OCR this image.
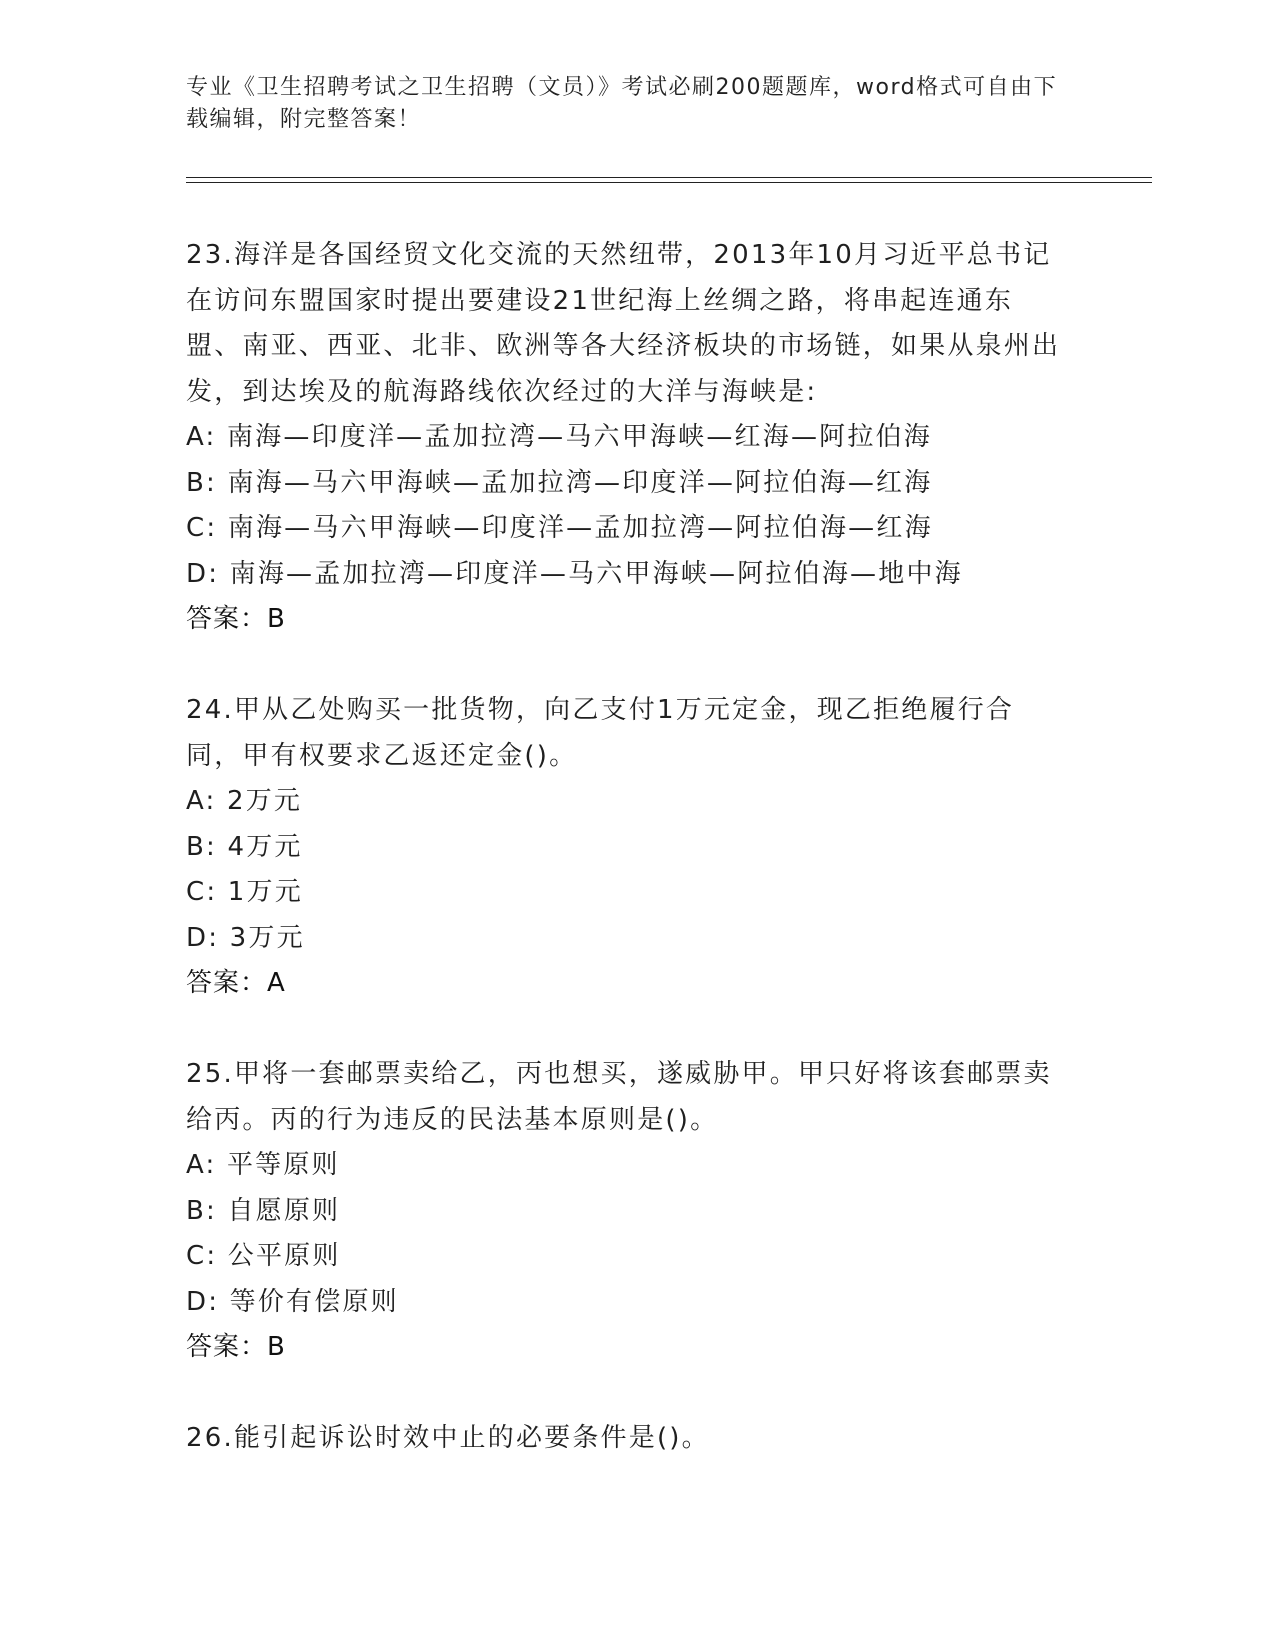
专业《卫生招聘考试之卫生招聘（文员）》考试必刷200题题库，word格式可自由下载编辑，附完整答案！

23.海洋是各国经贸文化交流的天然纽带，2013年10月习近平总书记在访问东盟国家时提出要建设21世纪海上丝绸之路，将串起连通东盟、南亚、西亚、北非、欧洲等各大经济板块的市场链，如果从泉州出发，到达埃及的航海路线依次经过的大洋与海峡是:

A: 南海—印度洋—孟加拉湾—马六甲海峡—红海—阿拉伯海

B: 南海—马六甲海峡—孟加拉湾—印度洋—阿拉伯海—红海

C: 南海—马六甲海峡—印度洋—孟加拉湾—阿拉伯海—红海

D: 南海—孟加拉湾—印度洋—马六甲海峡—阿拉伯海—地中海

答案：B

24.甲从乙处购买一批货物，向乙支付1万元定金，现乙拒绝履行合同，甲有权要求乙返还定金()。

A: 2万元

B: 4万元

C: 1万元

D: 3万元

答案：A

25.甲将一套邮票卖给乙，丙也想买，遂威胁甲。甲只好将该套邮票卖给丙。丙的行为违反的民法基本原则是()。

A: 平等原则

B: 自愿原则

C: 公平原则

D: 等价有偿原则

答案：B

26.能引起诉讼时效中止的必要条件是()。
